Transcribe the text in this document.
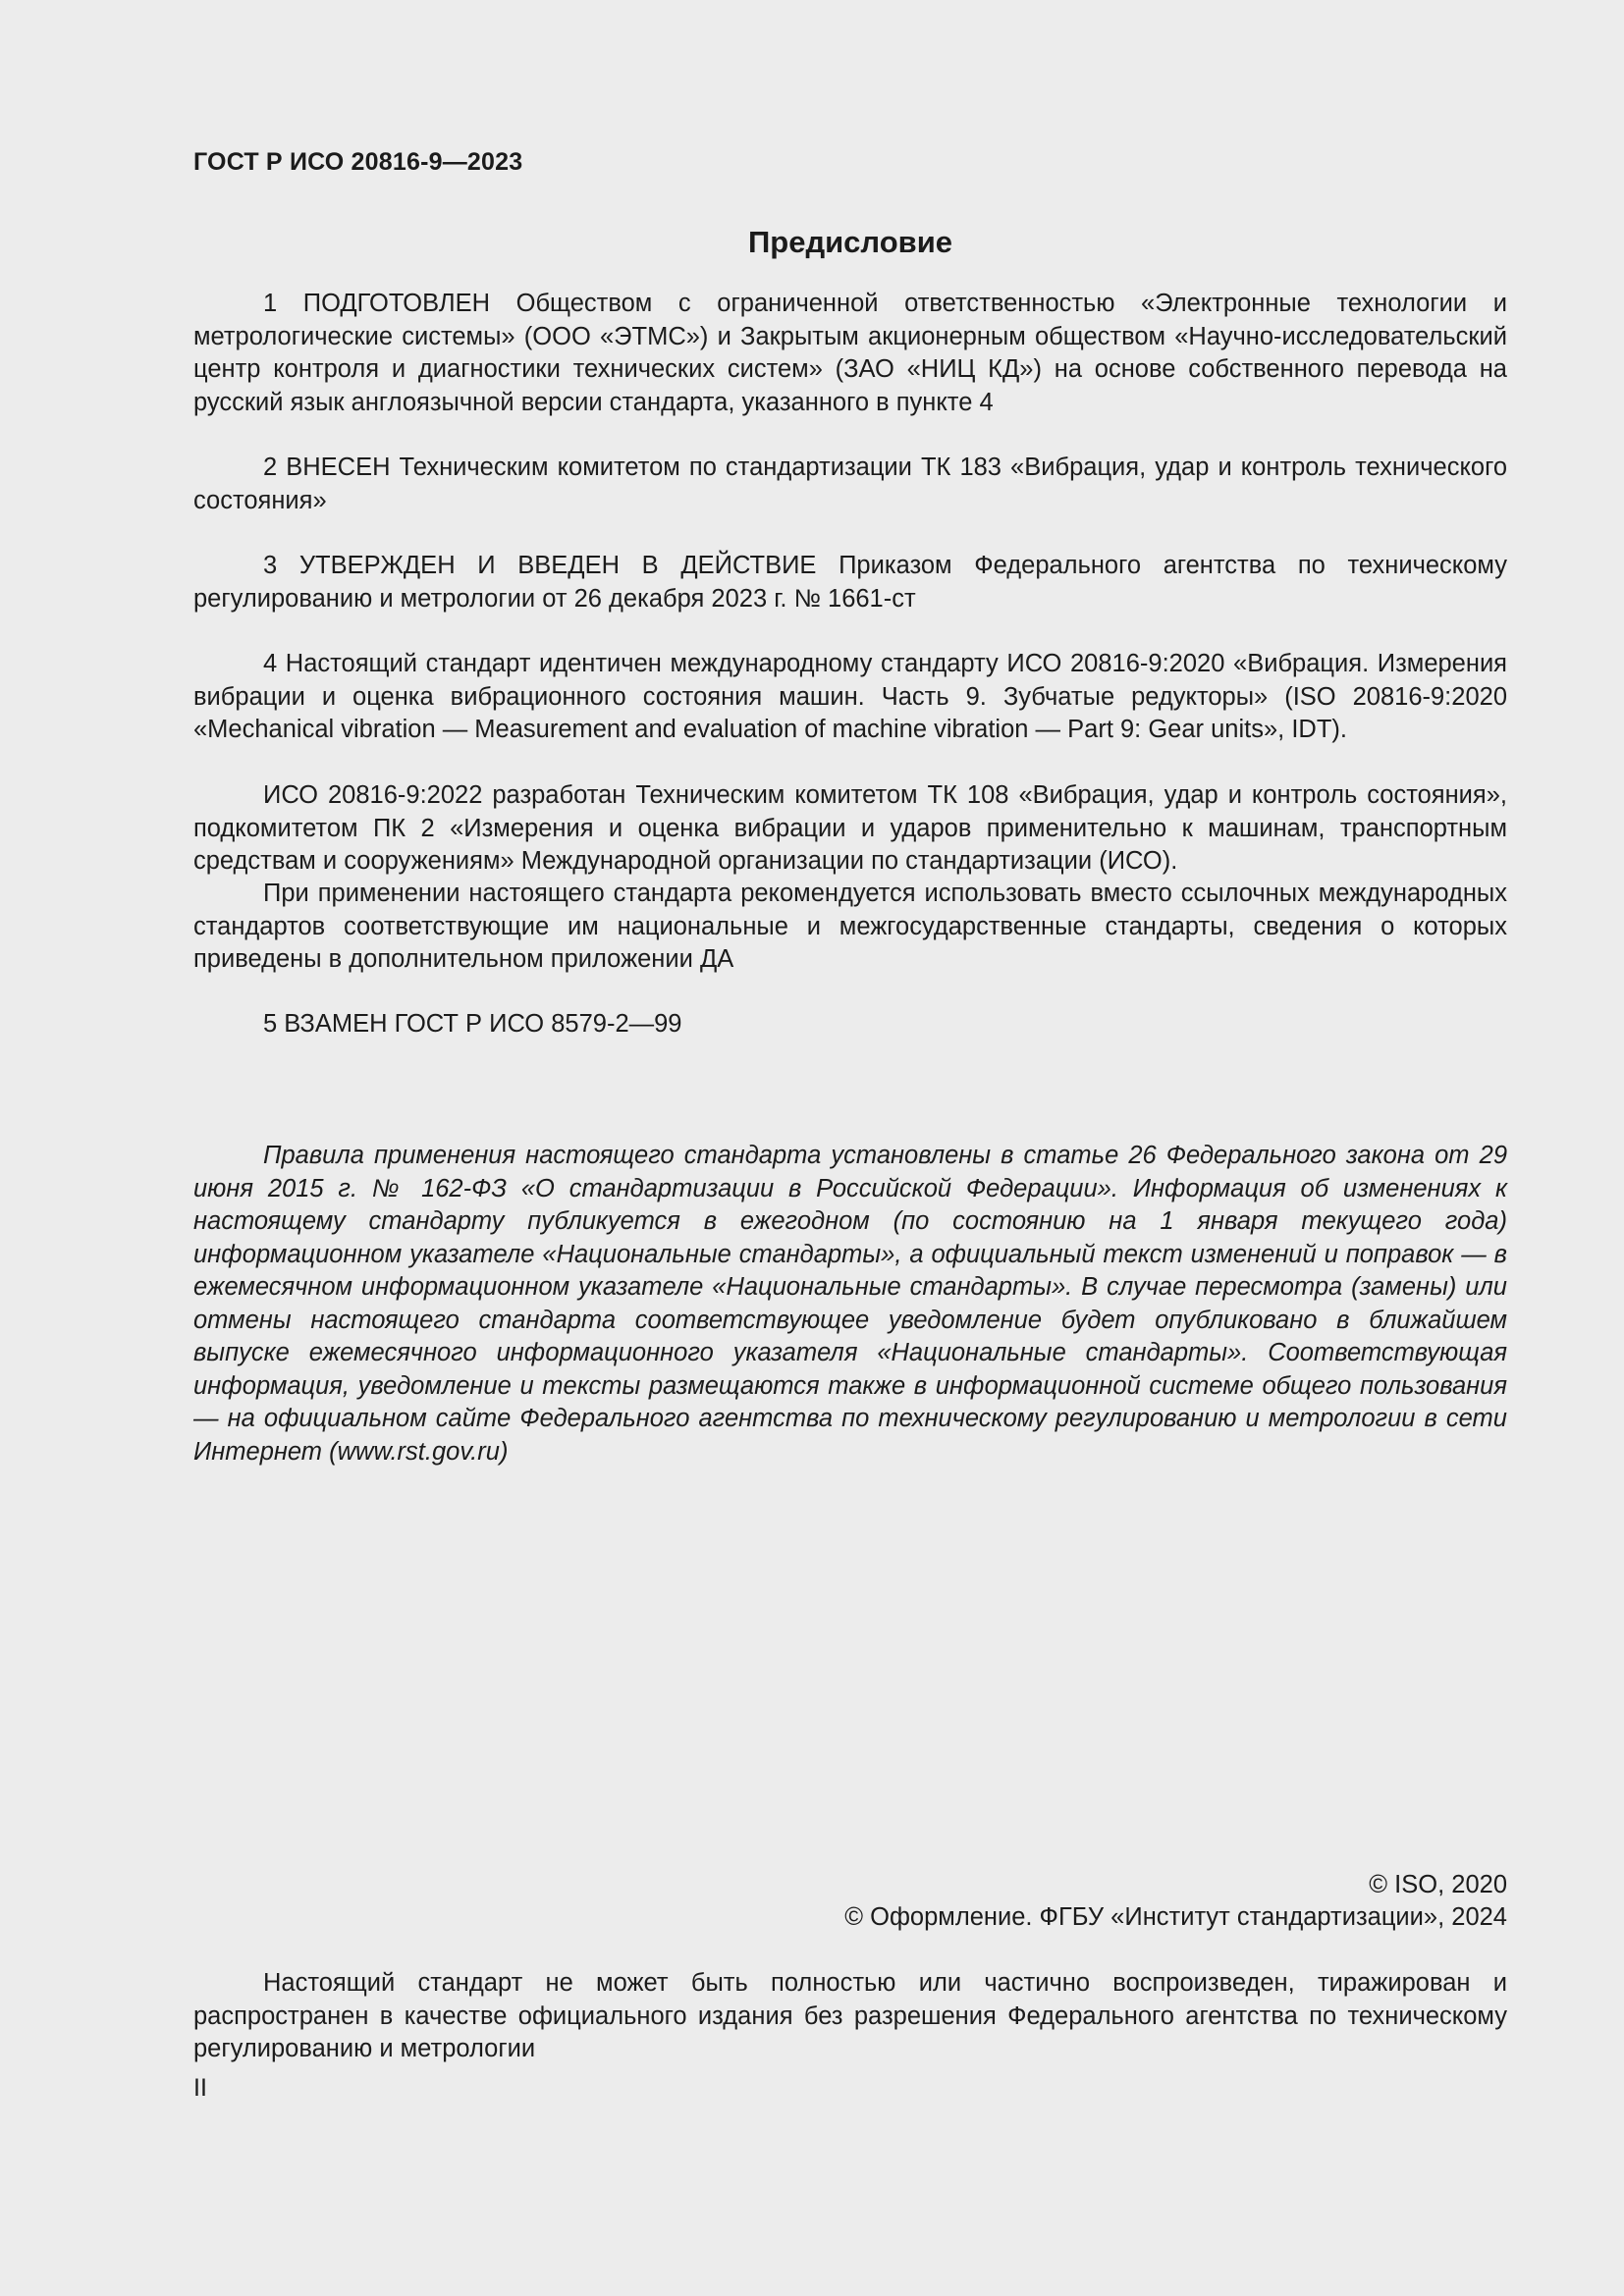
ГОСТ Р ИСО 20816-9—2023
Предисловие

1 ПОДГОТОВЛЕН Обществом с ограниченной ответственностью «Электронные технологии и метрологические системы» (ООО «ЭТМС») и Закрытым акционерным обществом «Научно-исследовательский центр контроля и диагностики технических систем» (ЗАО «НИЦ КД») на основе собственного перевода на русский язык англоязычной версии стандарта, указанного в пункте 4

2 ВНЕСЕН Техническим комитетом по стандартизации ТК 183 «Вибрация, удар и контроль технического состояния»

3 УТВЕРЖДЕН И ВВЕДЕН В ДЕЙСТВИЕ Приказом Федерального агентства по техническому регулированию и метрологии от 26 декабря 2023 г. № 1661-ст

4 Настоящий стандарт идентичен международному стандарту ИСО 20816-9:2020 «Вибрация. Измерения вибрации и оценка вибрационного состояния машин. Часть 9. Зубчатые редукторы» (ISO 20816-9:2020 «Mechanical vibration — Measurement and evaluation of machine vibration — Part 9: Gear units», IDT).

ИСО 20816-9:2022 разработан Техническим комитетом ТК 108 «Вибрация, удар и контроль состояния», подкомитетом ПК 2 «Измерения и оценка вибрации и ударов применительно к машинам, транспортным средствам и сооружениям» Международной организации по стандартизации (ИСО).

При применении настоящего стандарта рекомендуется использовать вместо ссылочных международных стандартов соответствующие им национальные и межгосударственные стандарты, сведения о которых приведены в дополнительном приложении ДА

5 ВЗАМЕН ГОСТ Р ИСО 8579-2—99

Правила применения настоящего стандарта установлены в статье 26 Федерального закона от 29 июня 2015 г. № 162-ФЗ «О стандартизации в Российской Федерации». Информация об изменениях к настоящему стандарту публикуется в ежегодном (по состоянию на 1 января текущего года) информационном указателе «Национальные стандарты», а официальный текст изменений и поправок — в ежемесячном информационном указателе «Национальные стандарты». В случае пересмотра (замены) или отмены настоящего стандарта соответствующее уведомление будет опубликовано в ближайшем выпуске ежемесячного информационного указателя «Национальные стандарты». Соответствующая информация, уведомление и тексты размещаются также в информационной системе общего пользования — на официальном сайте Федерального агентства по техническому регулированию и метрологии в сети Интернет (www.rst.gov.ru)

© ISO, 2020
© Оформление. ФГБУ «Институт стандартизации», 2024

Настоящий стандарт не может быть полностью или частично воспроизведен, тиражирован и распространен в качестве официального издания без разрешения Федерального агентства по техническому регулированию и метрологии

II
